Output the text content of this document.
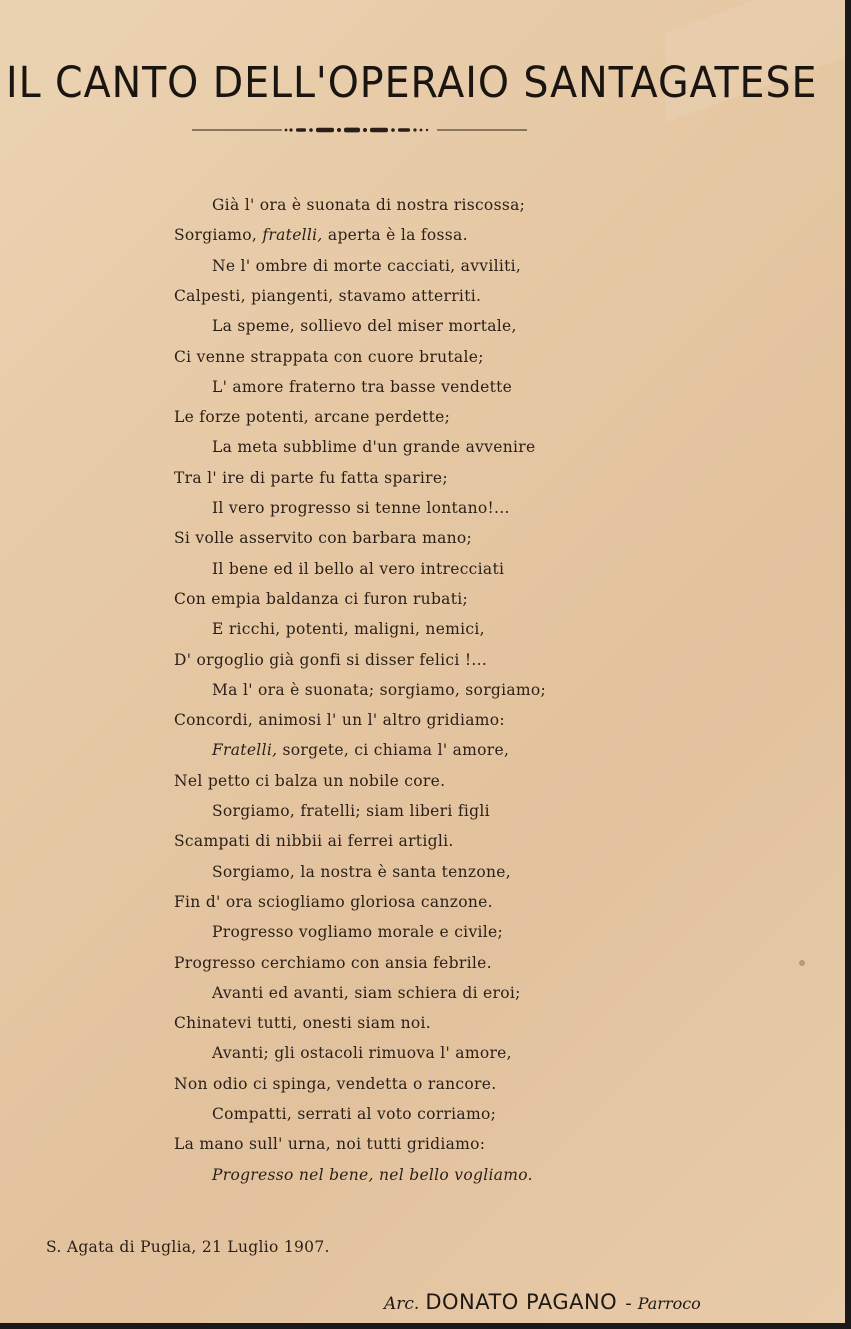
IL CANTO DELL'OPERAIO SANTAGATESE
Già l' ora è suonata di nostra riscossa;
Sorgiamo, fratelli, aperta è la fossa.
Ne l' ombre di morte cacciati, avviliti,
Calpesti, piangenti, stavamo atterriti.
La speme, sollievo del miser mortale,
Ci venne strappata con cuore brutale;
L' amore fraterno tra basse vendette
Le forze potenti, arcane perdette;
La meta subblime d'un grande avvenire
Tra l' ire di parte fu fatta sparire;
Il vero progresso si tenne lontano!...
Si volle asservito con barbara mano;
Il bene ed il bello al vero intrecciati
Con empia baldanza ci furon rubati;
E ricchi, potenti, maligni, nemici,
D' orgoglio già gonfi si disser felici !...
Ma l' ora è suonata; sorgiamo, sorgiamo;
Concordi, animosi l' un l' altro gridiamo:
Fratelli, sorgete, ci chiama l' amore,
Nel petto ci balza un nobile core.
Sorgiamo, fratelli; siam liberi figli
Scampati di nibbii ai ferrei artigli.
Sorgiamo, la nostra è santa tenzone,
Fin d' ora sciogliamo gloriosa canzone.
Progresso vogliamo morale e civile;
Progresso cerchiamo con ansia febrile.
Avanti ed avanti, siam schiera di eroi;
Chinatevi tutti, onesti siam noi.
Avanti; gli ostacoli rimuova l' amore,
Non odio ci spinga, vendetta o rancore.
Compatti, serrati al voto corriamo;
La mano sull' urna, noi tutti gridiamo:
Progresso nel bene, nel bello vogliamo.
S. Agata di Puglia, 21 Luglio 1907.
Arc. DONATO PAGANO - Parroco
